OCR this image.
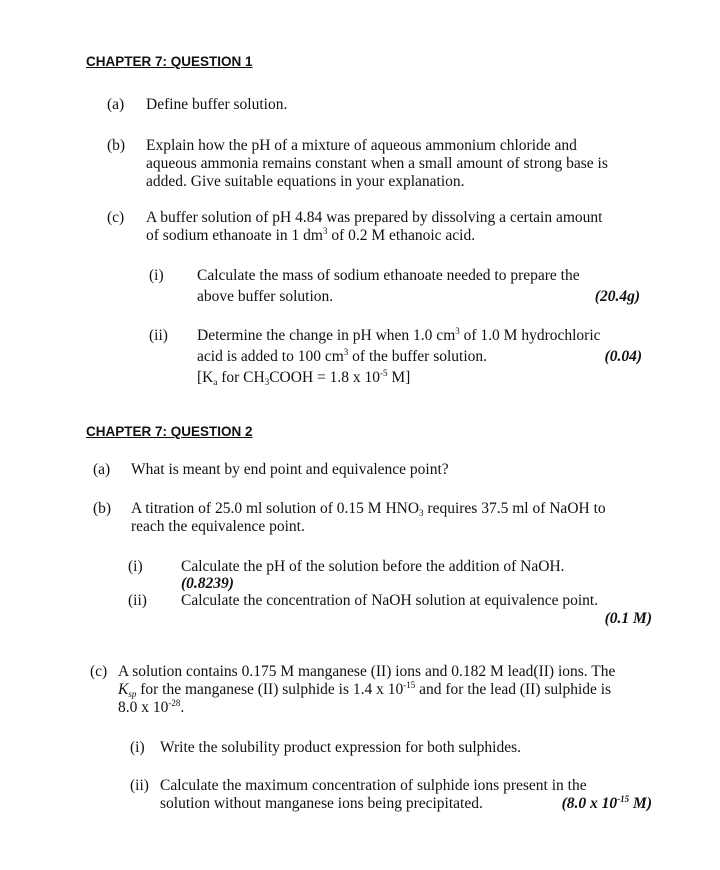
CHAPTER 7: QUESTION 1
(a) Define buffer solution.
(b) Explain how the pH of a mixture of aqueous ammonium chloride and
aqueous ammonia remains constant when a small amount of strong base is
added. Give suitable equations in your explanation.
(c) A buffer solution of pH 4.84 was prepared by dissolving a certain amount
of sodium ethanoate in 1 $dm^3$ of 0.2 M ethanoic acid.
(i) Calculate the mass of sodium ethanoate needed to prepare the
above buffer solution.	(20.4g)
(ii) Determine the change in pH when 1.0 $cm^3$ of 1.0 M hydrochloric
acid is added to 100 $cm^3$ of the buffer solution.	(0.04)
[$K_a$ for $CH_3COOH = 1.8$ x $10^{-5}$ M]
CHAPTER 7: QUESTION 2
(a) What is meant by end point and equivalence point?
(b) A titration of 25.0 ml solution of 0.15 M $HNO_3$ requires 37.5 ml of NaOH to
reach the equivalence point.
(i) Calculate the pH of the solution before the addition of NaOH.
(0.8239)
(ii) Calculate the concentration of NaOH solution at equivalence point.
(0.1 M)
(c) A solution contains 0.175 M manganese (II) ions and 0.182 M lead(II) ions. The
$K_{sp}$ for the manganese (II) sulphide is 1.4 x $10^{-15}$ and for the lead (II) sulphide is
8.0 x $10^{-28}$.
(i) Write the solubility product expression for both sulphides.
(ii) Calculate the maximum concentration of sulphide ions present in the
solution without manganese ions being precipitated.	(8.0 x $10^{-15}$ M)
